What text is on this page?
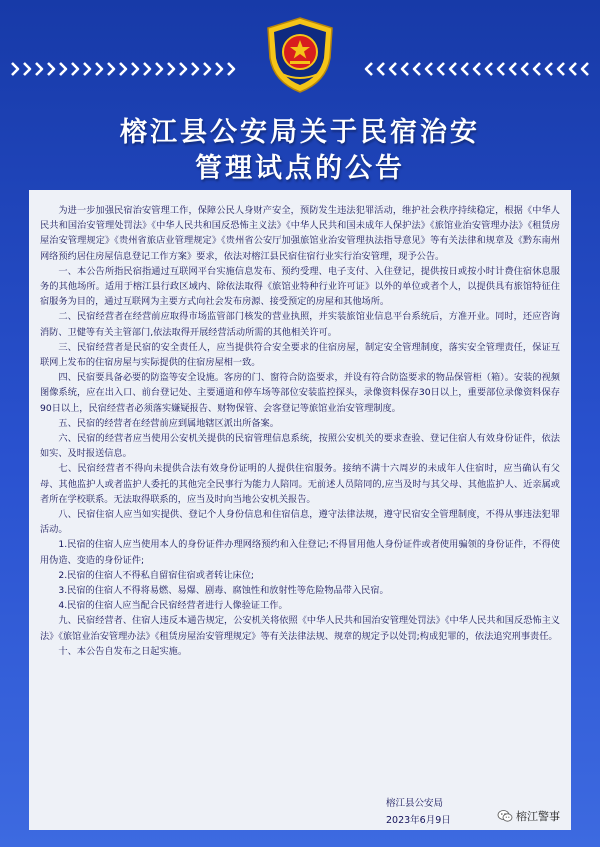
榕江县公安局关于民宿治安
管理试点的公告

为进一步加强民宿治安管理工作，保障公民人身财产安全，预防发生违法犯罪活动，维护社会秩序持续稳定，根据《中华人民共和国治安管理处罚法》《中华人民共和国反恐怖主义法》《中华人民共和国未成年人保护法》《旅馆业治安管理办法》《租赁房屋治安管理规定》《贵州省旅店业管理规定》《贵州省公安厅加强旅馆业治安管理执法指导意见》等有关法律和规章及《黔东南州网络预约居住房屋信息登记工作方案》要求，依法对榕江县民宿住宿行业实行治安管理，现予公告。

一、本公告所指民宿指通过互联网平台实施信息发布、预约受理、电子支付、入住登记，提供按日或按小时计费住宿休息服务的其他场所。适用于榕江县行政区域内、除依法取得《旅馆业特种行业许可证》以外的单位或者个人，以提供具有旅馆特征住宿服务为目的，通过互联网为主要方式向社会发布房源、接受预定的房屋和其他场所。

二、民宿经营者在经营前应取得市场监管部门核发的营业执照，并实装旅馆业信息平台系统后，方准开业。同时，还应咨询消防、卫健等有关主管部门,依法取得开展经营活动所需的其他相关许可。

三、民宿经营者是民宿的安全责任人，应当提供符合安全要求的住宿房屋，制定安全管理制度，落实安全管理责任，保证互联网上发布的住宿房屋与实际提供的住宿房屋相一致。

四、民宿要具备必要的防盗等安全设施。客房的门、窗符合防盗要求，并设有符合防盗要求的物品保管柜（箱）。安装的视频图像系统，应在出入口、前台登记处、主要通道和停车场等部位安装监控探头，录像资料保存30日以上，重要部位录像资料保存90日以上，民宿经营者必须落实嫌疑报告、财物保管、会客登记等旅馆业治安管理制度。

五、民宿的经营者在经营前应到属地辖区派出所备案。

六、民宿的经营者应当使用公安机关提供的民宿管理信息系统，按照公安机关的要求查验、登记住宿人有效身份证件，依法如实、及时报送信息。

七、民宿经营者不得向未提供合法有效身份证明的人提供住宿服务。接纳不满十六周岁的未成年人住宿时，应当确认有父母、其他监护人或者监护人委托的其他完全民事行为能力人陪同。无前述人员陪同的,应当及时与其父母、其他监护人、近亲属或者所在学校联系。无法取得联系的，应当及时向当地公安机关报告。

八、民宿住宿人应当如实提供、登记个人身份信息和住宿信息，遵守法律法规，遵守民宿安全管理制度，不得从事违法犯罪活动。

1.民宿的住宿人应当使用本人的身份证件办理网络预约和入住登记;不得冒用他人身份证件或者使用骗领的身份证件，不得使用伪造、变造的身份证件;

2.民宿的住宿人不得私自留宿住宿或者转让床位;

3.民宿的住宿人不得将易燃、易爆、剧毒、腐蚀性和放射性等危险物品带入民宿。

4.民宿的住宿人应当配合民宿经营者进行人像验证工作。

九、民宿经营者、住宿人违反本通告规定，公安机关将依照《中华人民共和国治安管理处罚法》《中华人民共和国反恐怖主义法》《旅馆业治安管理办法》《租赁房屋治安管理规定》等有关法律法规、规章的规定予以处罚;构成犯罪的，依法追究刑事责任。

十、本公告自发布之日起实施。

榕江县公安局
2023年6月9日	榕江警事
